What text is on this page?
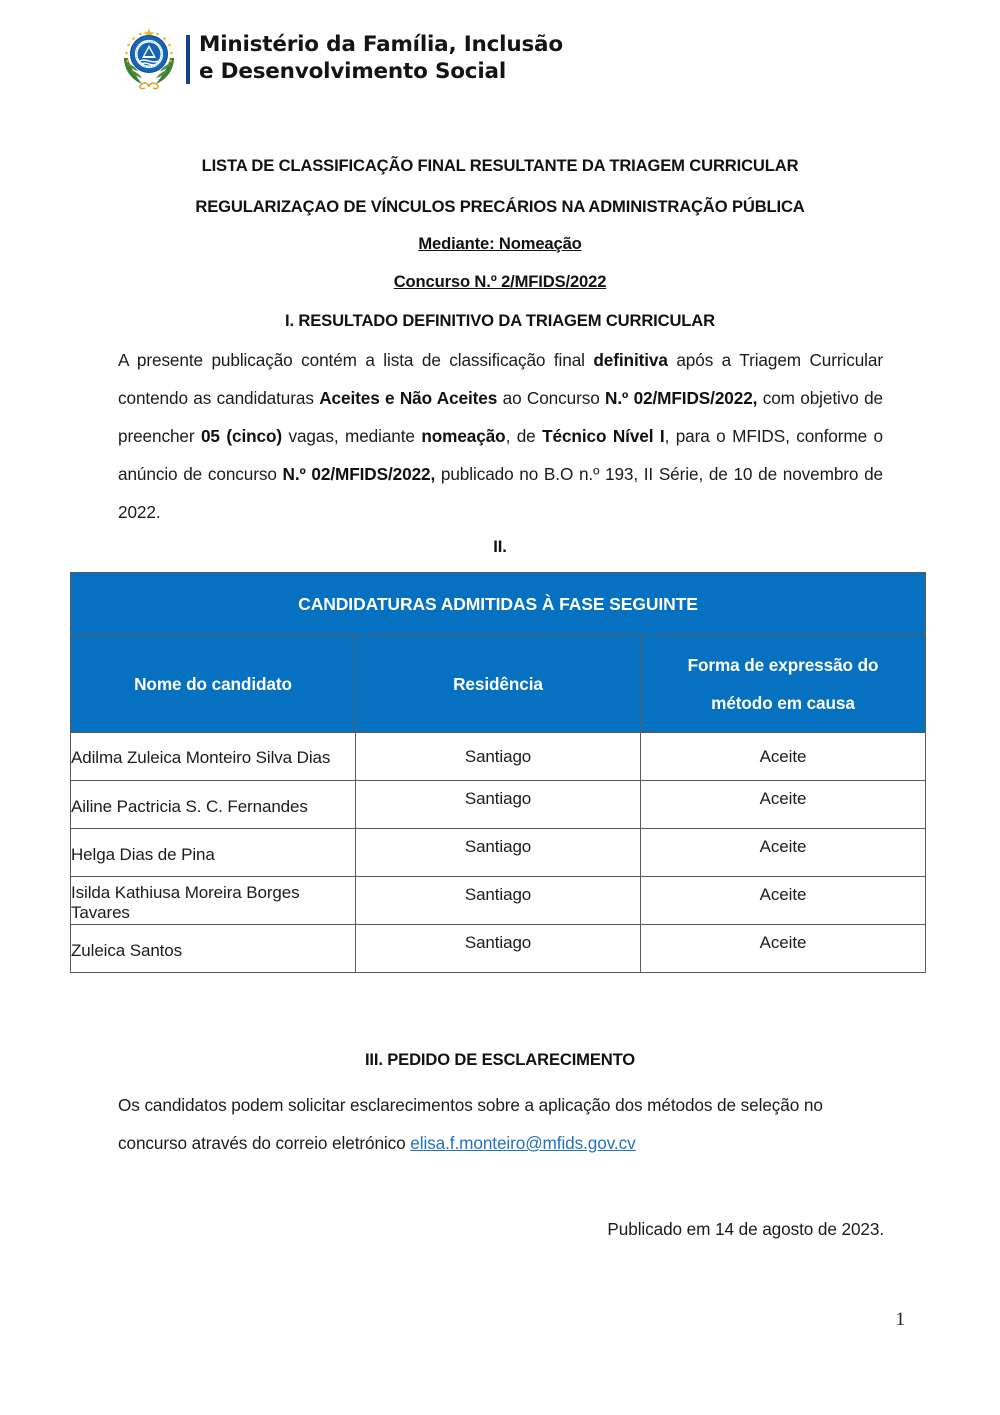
Ministério da Família, Inclusão
e Desenvolvimento Social
LISTA DE CLASSIFICAÇÃO FINAL RESULTANTE DA TRIAGEM CURRICULAR
REGULARIZAÇAO DE VÍNCULOS PRECÁRIOS NA ADMINISTRAÇÃO PÚBLICA
Mediante: Nomeação
Concurso N.º 2/MFIDS/2022
I. RESULTADO DEFINITIVO DA TRIAGEM CURRICULAR
A presente publicação contém a lista de classificação final definitiva após a Triagem Curricular contendo as candidaturas Aceites e Não Aceites ao Concurso N.º 02/MFIDS/2022, com objetivo de preencher 05 (cinco) vagas, mediante nomeação, de Técnico Nível I, para o MFIDS, conforme o anúncio de concurso N.º 02/MFIDS/2022, publicado no B.O n.º 193, II Série, de 10 de novembro de 2022.
II.
CANDIDATURAS ADMITIDAS À FASE SEGUINTE		
Nome do candidato	Residência	Forma de expressão do
método em causa
Adilma Zuleica Monteiro Silva Dias	Santiago	Aceite
Ailine Pactricia S. C. Fernandes	Santiago	Aceite
Helga Dias de Pina	Santiago	Aceite
Isilda Kathiusa Moreira Borges Tavares	Santiago	Aceite
Zuleica Santos	Santiago	Aceite
III. PEDIDO DE ESCLARECIMENTO
Os candidatos podem solicitar esclarecimentos sobre a aplicação dos métodos de seleção no concurso através do correio eletrónico elisa.f.monteiro@mfids.gov.cv
Publicado em 14 de agosto de 2023.
1
